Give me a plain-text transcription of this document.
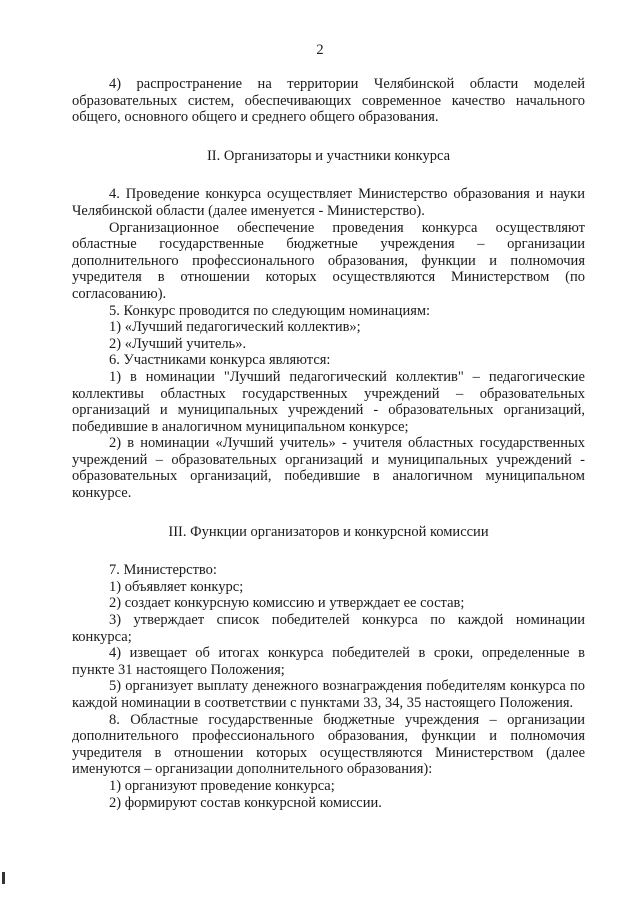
2

4) распространение на территории Челябинской области моделей образовательных систем, обеспечивающих современное качество начального общего, основного общего и среднего общего образования.

II. Организаторы и участники конкурса

4. Проведение конкурса осуществляет Министерство образования и науки Челябинской области (далее именуется - Министерство).

Организационное обеспечение проведения конкурса осуществляют областные государственные бюджетные учреждения – организации дополнительного профессионального образования, функции и полномочия учредителя в отношении которых осуществляются Министерством (по согласованию).

5. Конкурс проводится по следующим номинациям:

1) «Лучший педагогический коллектив»;

2) «Лучший учитель».

6. Участниками конкурса являются:

1) в номинации "Лучший педагогический коллектив" – педагогические коллективы областных государственных учреждений – образовательных организаций и муниципальных учреждений - образовательных организаций, победившие в аналогичном муниципальном конкурсе;

2) в номинации «Лучший учитель» - учителя областных государственных учреждений – образовательных организаций и муниципальных учреждений - образовательных организаций, победившие в аналогичном муниципальном конкурсе.

III. Функции организаторов и конкурсной комиссии

7. Министерство:

1) объявляет конкурс;

2) создает конкурсную комиссию и утверждает ее состав;

3) утверждает список победителей конкурса по каждой номинации конкурса;

4) извещает об итогах конкурса победителей в сроки, определенные в пункте 31 настоящего Положения;

5) организует выплату денежного вознаграждения победителям конкурса по каждой номинации в соответствии с пунктами 33, 34, 35 настоящего Положения.

8. Областные государственные бюджетные учреждения – организации дополнительного профессионального образования, функции и полномочия учредителя в отношении которых осуществляются Министерством (далее именуются – организации дополнительного образования):

1) организуют проведение конкурса;

2) формируют состав конкурсной комиссии.
